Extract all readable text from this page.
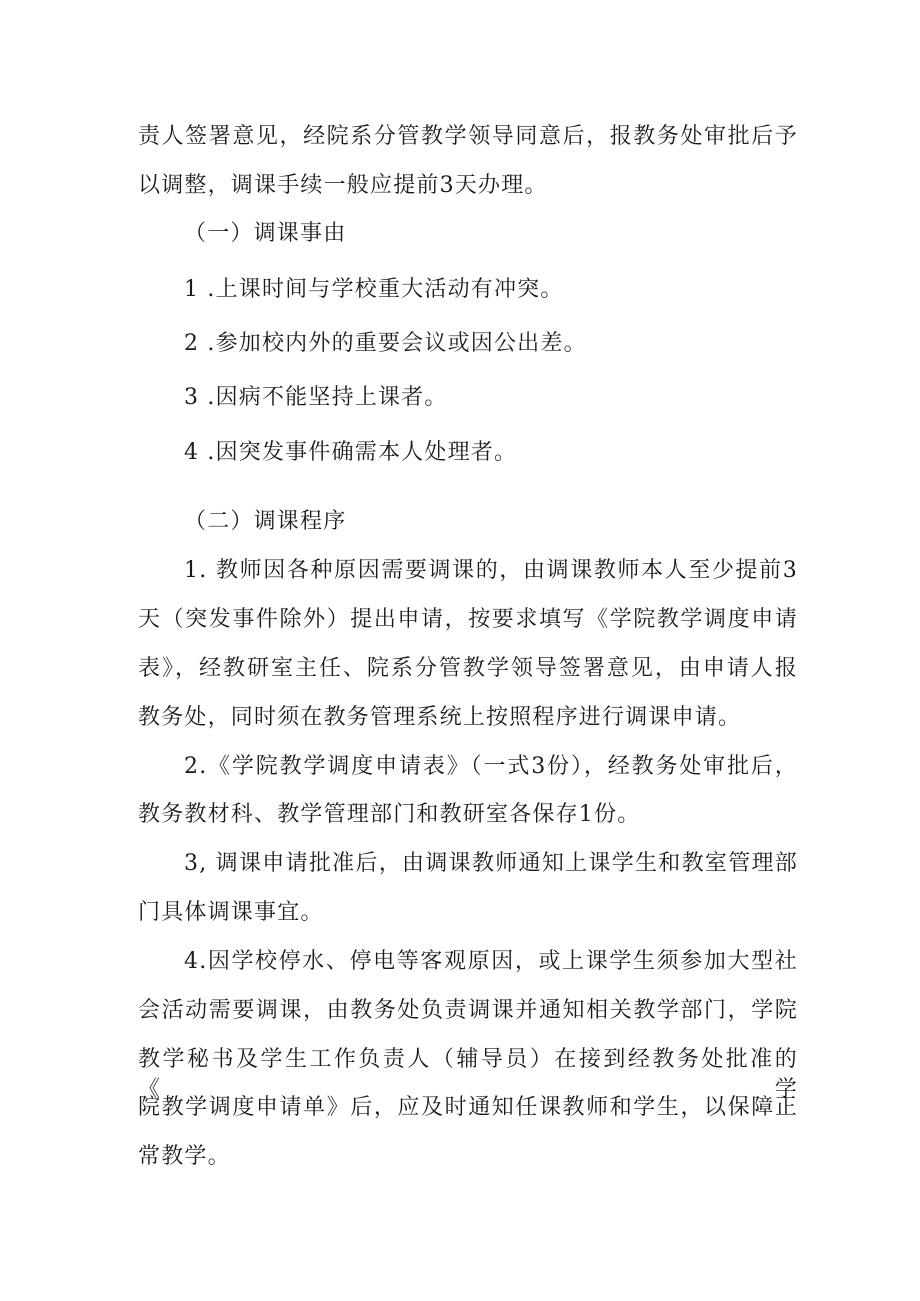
责人签署意见，经院系分管教学领导同意后，报教务处审批后予
以调整，调课手续一般应提前3天办理。
（一）调课事由
1 .上课时间与学校重大活动有冲突。
2 .参加校内外的重要会议或因公出差。
3 .因病不能坚持上课者。
4 .因突发事件确需本人处理者。
（二）调课程序
1. 教师因各种原因需要调课的，由调课教师本人至少提前3
天（突发事件除外）提出申请，按要求填写《学院教学调度申请
表》，经教研室主任、院系分管教学领导签署意见，由申请人报
教务处，同时须在教务管理系统上按照程序进行调课申请。
2.《学院教学调度申请表》（一式3份），经教务处审批后，
教务教材科、教学管理部门和教研室各保存1份。
3, 调课申请批准后，由调课教师通知上课学生和教室管理部
门具体调课事宜。
4.因学校停水、停电等客观原因，或上课学生须参加大型社
会活动需要调课，由教务处负责调课并通知相关教学部门，学院
教学秘书及学生工作负责人（辅导员）在接到经教务处批准的《学
院教学调度申请单》后，应及时通知任课教师和学生，以保障正
常教学。
